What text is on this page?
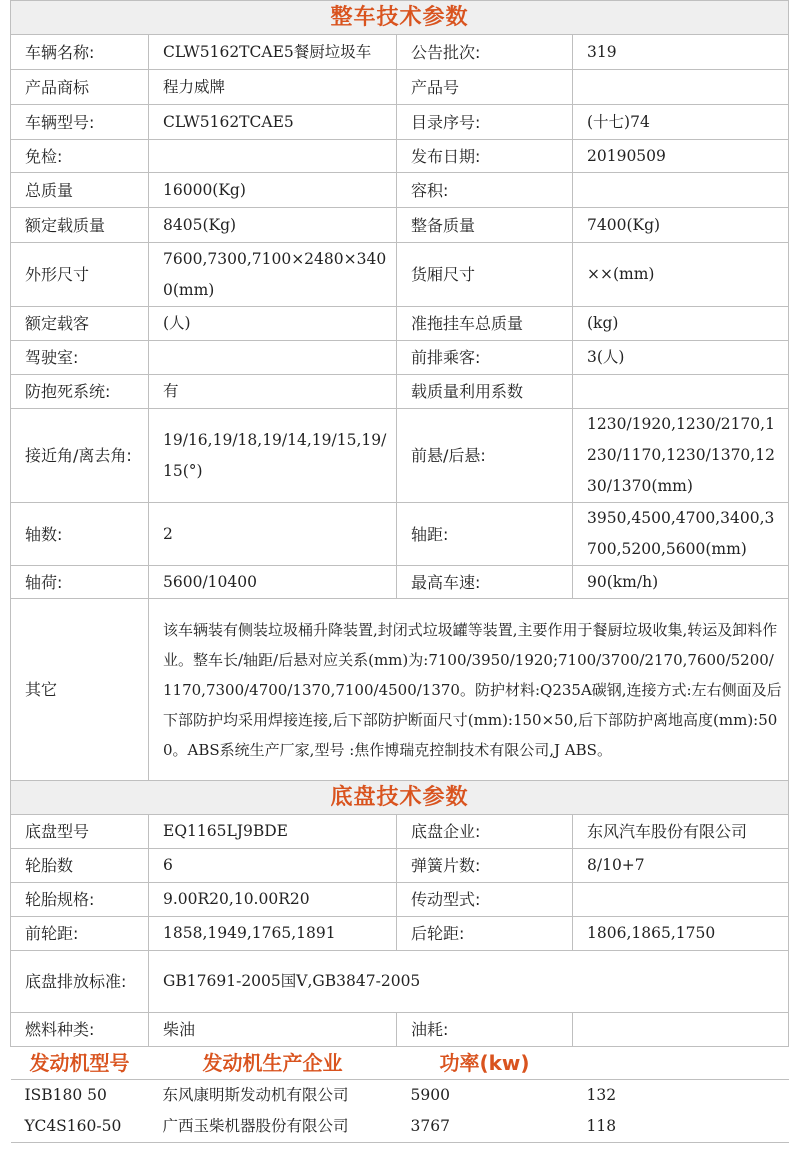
整车技术参数			
车辆名称:	CLW5162TCAE5餐厨垃圾车	公告批次:	319
产品商标	程力威牌	产品号	
车辆型号:	CLW5162TCAE5	目录序号:	(十七)74
免检:		发布日期:	20190509
总质量	16000(Kg)	容积:	
额定载质量	8405(Kg)	整备质量	7400(Kg)
外形尺寸	7600,7300,7100×2480×3400(mm)	货厢尺寸	××(mm)
额定载客	(人)	准拖挂车总质量	(kg)
驾驶室:		前排乘客:	3(人)
防抱死系统:	有	载质量利用系数	
接近角/离去角:	19/16,19/18,19/14,19/15,19/15(°)	前悬/后悬:	1230/1920,1230/2170,1230/1170,1230/1370,1230/1370(mm)
轴数:	2	轴距:	3950,4500,4700,3400,3700,5200,5600(mm)
轴荷:	5600/10400	最高车速:	90(km/h)
其它	该车辆装有侧装垃圾桶升降装置,封闭式垃圾罐等装置,主要作用于餐厨垃圾收集,转运及卸料作业。整车长/轴距/后悬对应关系(mm)为:7100/3950/1920;7100/3700/2170,7600/5200/1170,7300/4700/1370,7100/4500/1370。防护材料:Q235A碳钢,连接方式:左右侧面及后下部防护均采用焊接连接,后下部防护断面尺寸(mm):150×50,后下部防护离地高度(mm):500。ABS系统生产厂家,型号 :焦作博瑞克控制技术有限公司,J ABS。		
底盘技术参数			
底盘型号	EQ1165LJ9BDE	底盘企业:	东风汽车股份有限公司
轮胎数	6	弹簧片数:	8/10+7
轮胎规格:	9.00R20,10.00R20	传动型式:	
前轮距:	1858,1949,1765,1891	后轮距:	1806,1865,1750
底盘排放标准:	GB17691-2005国Ⅴ,GB3847-2005		
燃料种类:	柴油	油耗:	
发动机型号	发动机生产企业	功率(kw)	
ISB180 50	东风康明斯发动机有限公司	5900	132
YC4S160-50	广西玉柴机器股份有限公司	3767	118
